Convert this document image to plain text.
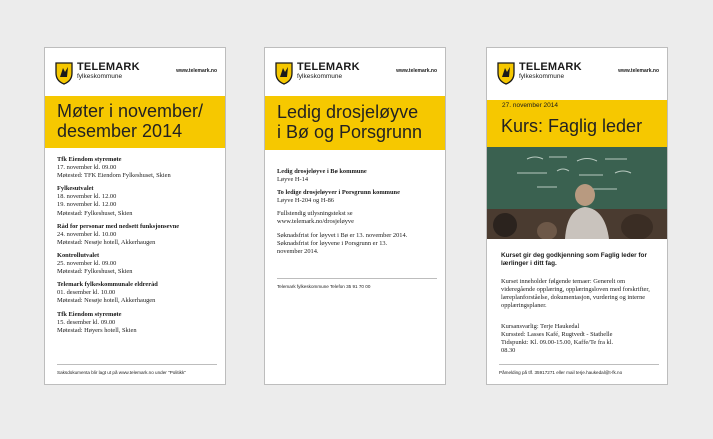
TELEMARK
fylkeskommune
www.telemark.no
Møter i november/
desember 2014
Tfk Eiendom styremøte
17. november kl. 09.00
Møtested: TFK Eiendom Fylkeshuset, Skien
Fylkesutvalet
18. november kl. 12.00
19. november kl. 12.00
Møtestad: Fylkeshuset, Skien
Råd for personar med nedsett funksjonsevne
24. november kl. 10.00
Møtestad: Nesøje hotell, Akkerhaugen
Kontrollutvalet
25. november kl. 09.00
Møtestad: Fylkeshuset, Skien
Telemark fylkeskommunale eldreråd
01. desember kl. 10.00
Møtestad: Nesøje hotell, Akkerhaugen
Tfk Eiendom styremøte
15. desember kl. 09.00
Møtestad: Høyers hotell, Skien
Saksdokumenta blir lagt ut på www.telemark.no under "Politikk"
TELEMARK
fylkeskommune
www.telemark.no
Ledig drosjeløyve
i Bø og Porsgrunn
Ledig drosjeløyve i Bø kommune
Løyve H-14
To ledige drosjeløyver i Porsgrunn kommune
Løyve H-204 og H-86
Fullstendig utlysningstekst se
www.telemark.no/drosjeløyve
Søknadsfrist for løyvet i Bø er 13. november 2014.
Søknadsfrist for løyvene i Porsgrunn er 13.
november 2014.
Telemark fylkeskommune Telefon 35 91 70 00
TELEMARK
fylkeskommune
www.telemark.no
27. november 2014
Kurs: Faglig leder
Kurset gir deg godkjenning som Faglig leder for lærlinger i ditt fag.
Kurset inneholder følgende temaer: Generelt om videregående opplæring, opplæringsloven med forskrifter, læreplanforståelse, dokumentasjon, vurdering og interne opplæringsplaner.
Kursansvarlig: Terje Haukedal
Kurssted: Lasses Kafé, Rugtvedt - Stathelle
Tidspunkt: Kl. 09.00-15.00, Kaffe/Te fra kl.
08.30
Påmelding på tlf. 35917271 eller mail terje.haukedal@t-fk.no
